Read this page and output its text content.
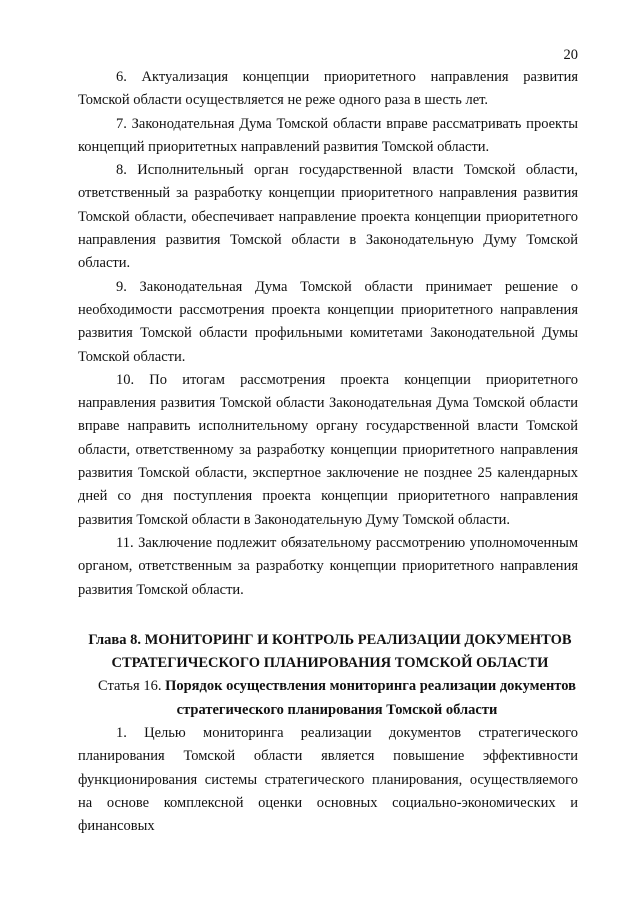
20

6. Актуализация концепции приоритетного направления развития Томской области осуществляется не реже одного раза в шесть лет.

7. Законодательная Дума Томской области вправе рассматривать проекты концепций приоритетных направлений развития Томской области.

8. Исполнительный орган государственной власти Томской области, ответственный за разработку концепции приоритетного направления развития Томской области, обеспечивает направление проекта концепции приоритетного направления развития Томской области в Законодательную Думу Томской области.

9. Законодательная Дума Томской области принимает решение о необходимости рассмотрения проекта концепции приоритетного направления развития Томской области профильными комитетами Законодательной Думы Томской области.

10. По итогам рассмотрения проекта концепции приоритетного направления развития Томской области Законодательная Дума Томской области вправе направить исполнительному органу государственной власти Томской области, ответственному за разработку концепции приоритетного направления развития Томской области, экспертное заключение не позднее 25 календарных дней со дня поступления проекта концепции приоритетного направления развития Томской области в Законодательную Думу Томской области.

11. Заключение подлежит обязательному рассмотрению уполномоченным органом, ответственным за разработку концепции приоритетного направления развития Томской области.

Глава 8. МОНИТОРИНГ И КОНТРОЛЬ РЕАЛИЗАЦИИ ДОКУМЕНТОВ СТРАТЕГИЧЕСКОГО ПЛАНИРОВАНИЯ ТОМСКОЙ ОБЛАСТИ

Статья 16. Порядок осуществления мониторинга реализации документов стратегического планирования Томской области

1. Целью мониторинга реализации документов стратегического планирования Томской области является повышение эффективности функционирования системы стратегического планирования, осуществляемого на основе комплексной оценки основных социально-экономических и финансовых
